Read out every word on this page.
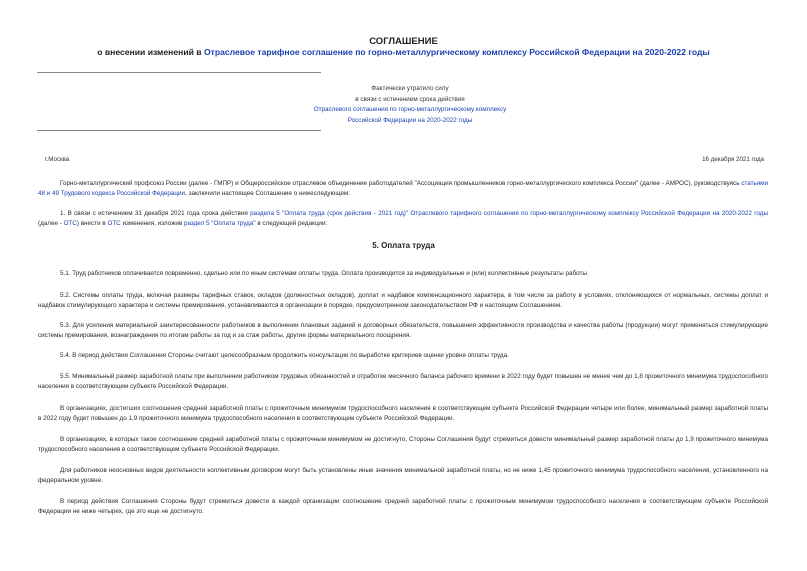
СОГЛАШЕНИЕ
о внесении изменений в Отраслевое тарифное соглашение по горно-металлургическому комплексу Российской Федерации на 2020-2022 годы
Фактически утратило силу
в связи с истечением срока действия
Отраслевого соглашения по горно-металлургическому комплексу
Российской Федерации на 2020-2022 годы
г.Москва	16 декабря 2021 года
Горно-металлургический профсоюз России (далее - ГМПР) и Общероссийское отраслевое объединение работодателей "Ассоциация промышленников горно-металлургического комплекса России" (далее - АМРОС), руководствуясь статьями 48 и 49 Трудового кодекса Российской Федерации, заключили настоящее Соглашение о нижеследующем:
1. В связи с истечением 31 декабря 2021 года срока действия раздела 5 "Оплата труда (срок действия - 2021 год)" Отраслевого тарифного соглашения по горно-металлургическому комплексу Российской Федерации на 2020-2022 годы (далее - ОТС) внести в ОТС изменения, изложив раздел 5 "Оплата труда" в следующей редакции:
5. Оплата труда
5.1. Труд работников оплачивается повременно, сдельно или по иным системам оплаты труда. Оплата производится за индивидуальные и (или) коллективные результаты работы.
5.2. Системы оплаты труда, включая размеры тарифных ставок, окладов (должностных окладов), доплат и надбавок компенсационного характера, в том числе за работу в условиях, отклоняющихся от нормальных, системы доплат и надбавок стимулирующего характера и системы премирования, устанавливаются в организации в порядке, предусмотренном законодательством РФ и настоящим Соглашением.
5.3. Для усиления материальной заинтересованности работников в выполнении плановых заданий и договорных обязательств, повышения эффективности производства и качества работы (продукции) могут применяться стимулирующие системы премирования, вознаграждения по итогам работы за год и за стаж работы, другие формы материального поощрения.
5.4. В период действия Соглашения Стороны считают целесообразным продолжить консультации по выработке критериев оценки уровня оплаты труда.
5.5. Минимальный размер заработной платы при выполнении работником трудовых обязанностей и отработке месячного баланса рабочего времени в 2022 году будет повышен не менее чем до 1,8 прожиточного минимума трудоспособного населения в соответствующем субъекте Российской Федерации.
В организациях, достигших соотношения средней заработной платы с прожиточным минимумом трудоспособного населения в соответствующем субъекте Российской Федерации четыре или более, минимальный размер заработной платы в 2022 году будет повышен до 1,9 прожиточного минимума трудоспособного населения в соответствующем субъекте Российской Федерации.
В организациях, в которых такое соотношение средней заработной платы с прожиточным минимумом не достигнуто, Стороны Соглашения будут стремиться довести минимальный размер заработной платы до 1,9 прожиточного минимума трудоспособного населения в соответствующем субъекте Российской Федерации.
Для работников неосновных видов деятельности коллективным договором могут быть установлены иные значения минимальной заработной платы, но не ниже 1,45 прожиточного минимума трудоспособного населения, установленного на федеральном уровне.
В период действия Соглашения Стороны будут стремиться довести в каждой организации соотношение средней заработной платы с прожиточным минимумом трудоспособного населения в соответствующем субъекте Российской Федерации не ниже четырех, где это еще не достигнуто.
